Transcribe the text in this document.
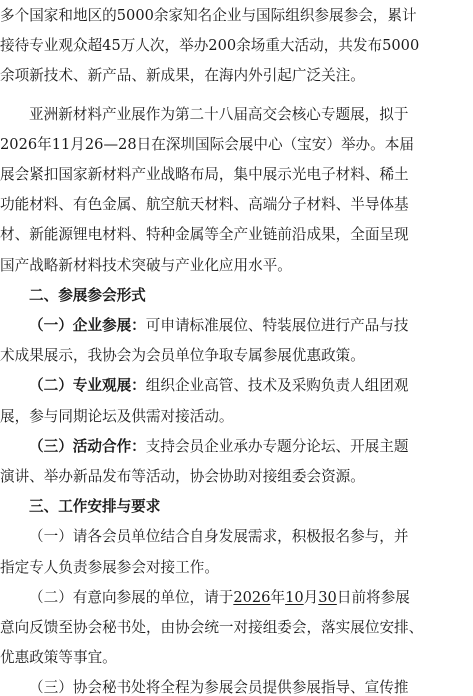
多个国家和地区的5000余家知名企业与国际组织参展参会，累计
接待专业观众超45万人次，举办200余场重大活动，共发布5000
余项新技术、新产品、新成果，在海内外引起广泛关注。
亚洲新材料产业展作为第二十八届高交会核心专题展，拟于
2026年11月26—28日在深圳国际会展中心（宝安）举办。本届
展会紧扣国家新材料产业战略布局，集中展示光电子材料、稀土
功能材料、有色金属、航空航天材料、高端分子材料、半导体基
材、新能源锂电材料、特种金属等全产业链前沿成果，全面呈现
国产战略新材料技术突破与产业化应用水平。
二、参展参会形式
（一）企业参展：可申请标准展位、特装展位进行产品与技
术成果展示，我协会为会员单位争取专属参展优惠政策。
（二）专业观展：组织企业高管、技术及采购负责人组团观
展，参与同期论坛及供需对接活动。
（三）活动合作：支持会员企业承办专题分论坛、开展主题
演讲、举办新品发布等活动，协会协助对接组委会资源。
三、工作安排与要求
（一）请各会员单位结合自身发展需求，积极报名参与，并
指定专人负责参展参会对接工作。
（二）有意向参展的单位，请于2026年10月30日前将参展
意向反馈至协会秘书处，由协会统一对接组委会，落实展位安排、
优惠政策等事宜。
（三）协会秘书处将全程为参展会员提供参展指导、宣传推
